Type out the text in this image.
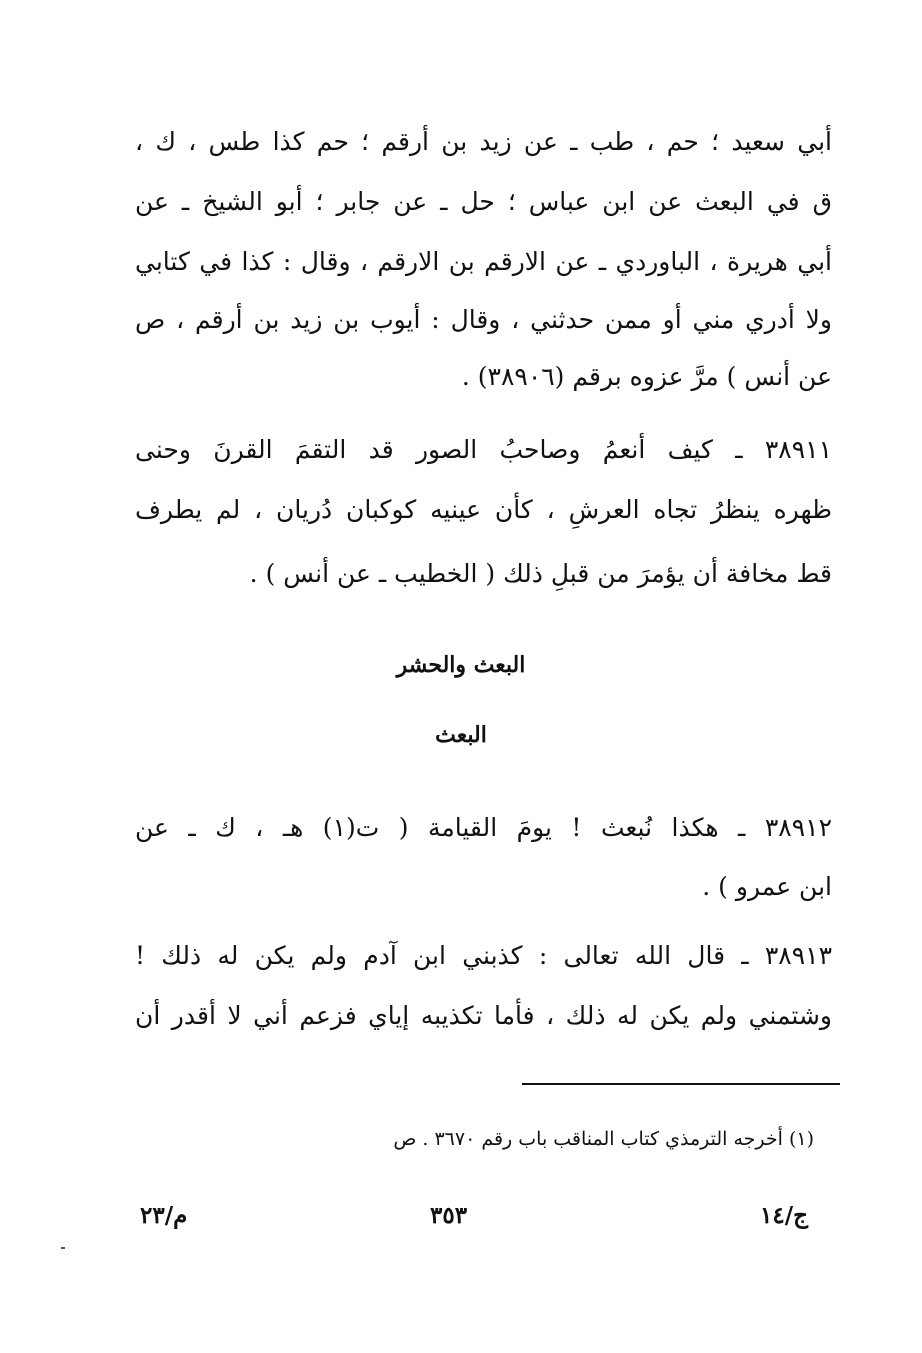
أبي سعيد ؛ حم ، طب ـ عن زيد بن أرقم ؛ حم كذا طس ، ك ،
ق في البعث عن ابن عباس ؛ حل ـ عن جابر ؛ أبو الشيخ ـ عن
أبي هريرة ، الباوردي ـ عن الارقم بن الارقم ، وقال : كذا في كتابي
ولا أدري مني أو ممن حدثني ، وقال : أيوب بن زيد بن أرقم ، ص
عن أنس ) مرَّ عزوه برقم (٣٨٩٠٦) .
٣٨٩١١ ـ كيف أنعمُ وصاحبُ الصور قد التقمَ القرنَ وحنى
ظهره ينظرُ تجاه العرشِ ، كأن عينيه كوكبان دُريان ، لم يطرف
قط مخافة أن يؤمرَ من قبلِ ذلك ( الخطيب ـ عن أنس ) .
البعث والحشر
البعث
٣٨٩١٢ ـ هكذا نُبعث ! يومَ القيامة ( ت(١) هـ ، ك ـ عن
ابن عمرو ) .
٣٨٩١٣ ـ قال الله تعالى : كذبني ابن آدم ولم يكن له ذلك !
وشتمني ولم يكن له ذلك ، فأما تكذيبه إياي فزعم أني لا أقدر أن
(١) أخرجه الترمذي كتاب المناقب باب رقم ٣٦٧٠ . ص
م/٢٣	٣٥٣	ج/١٤
